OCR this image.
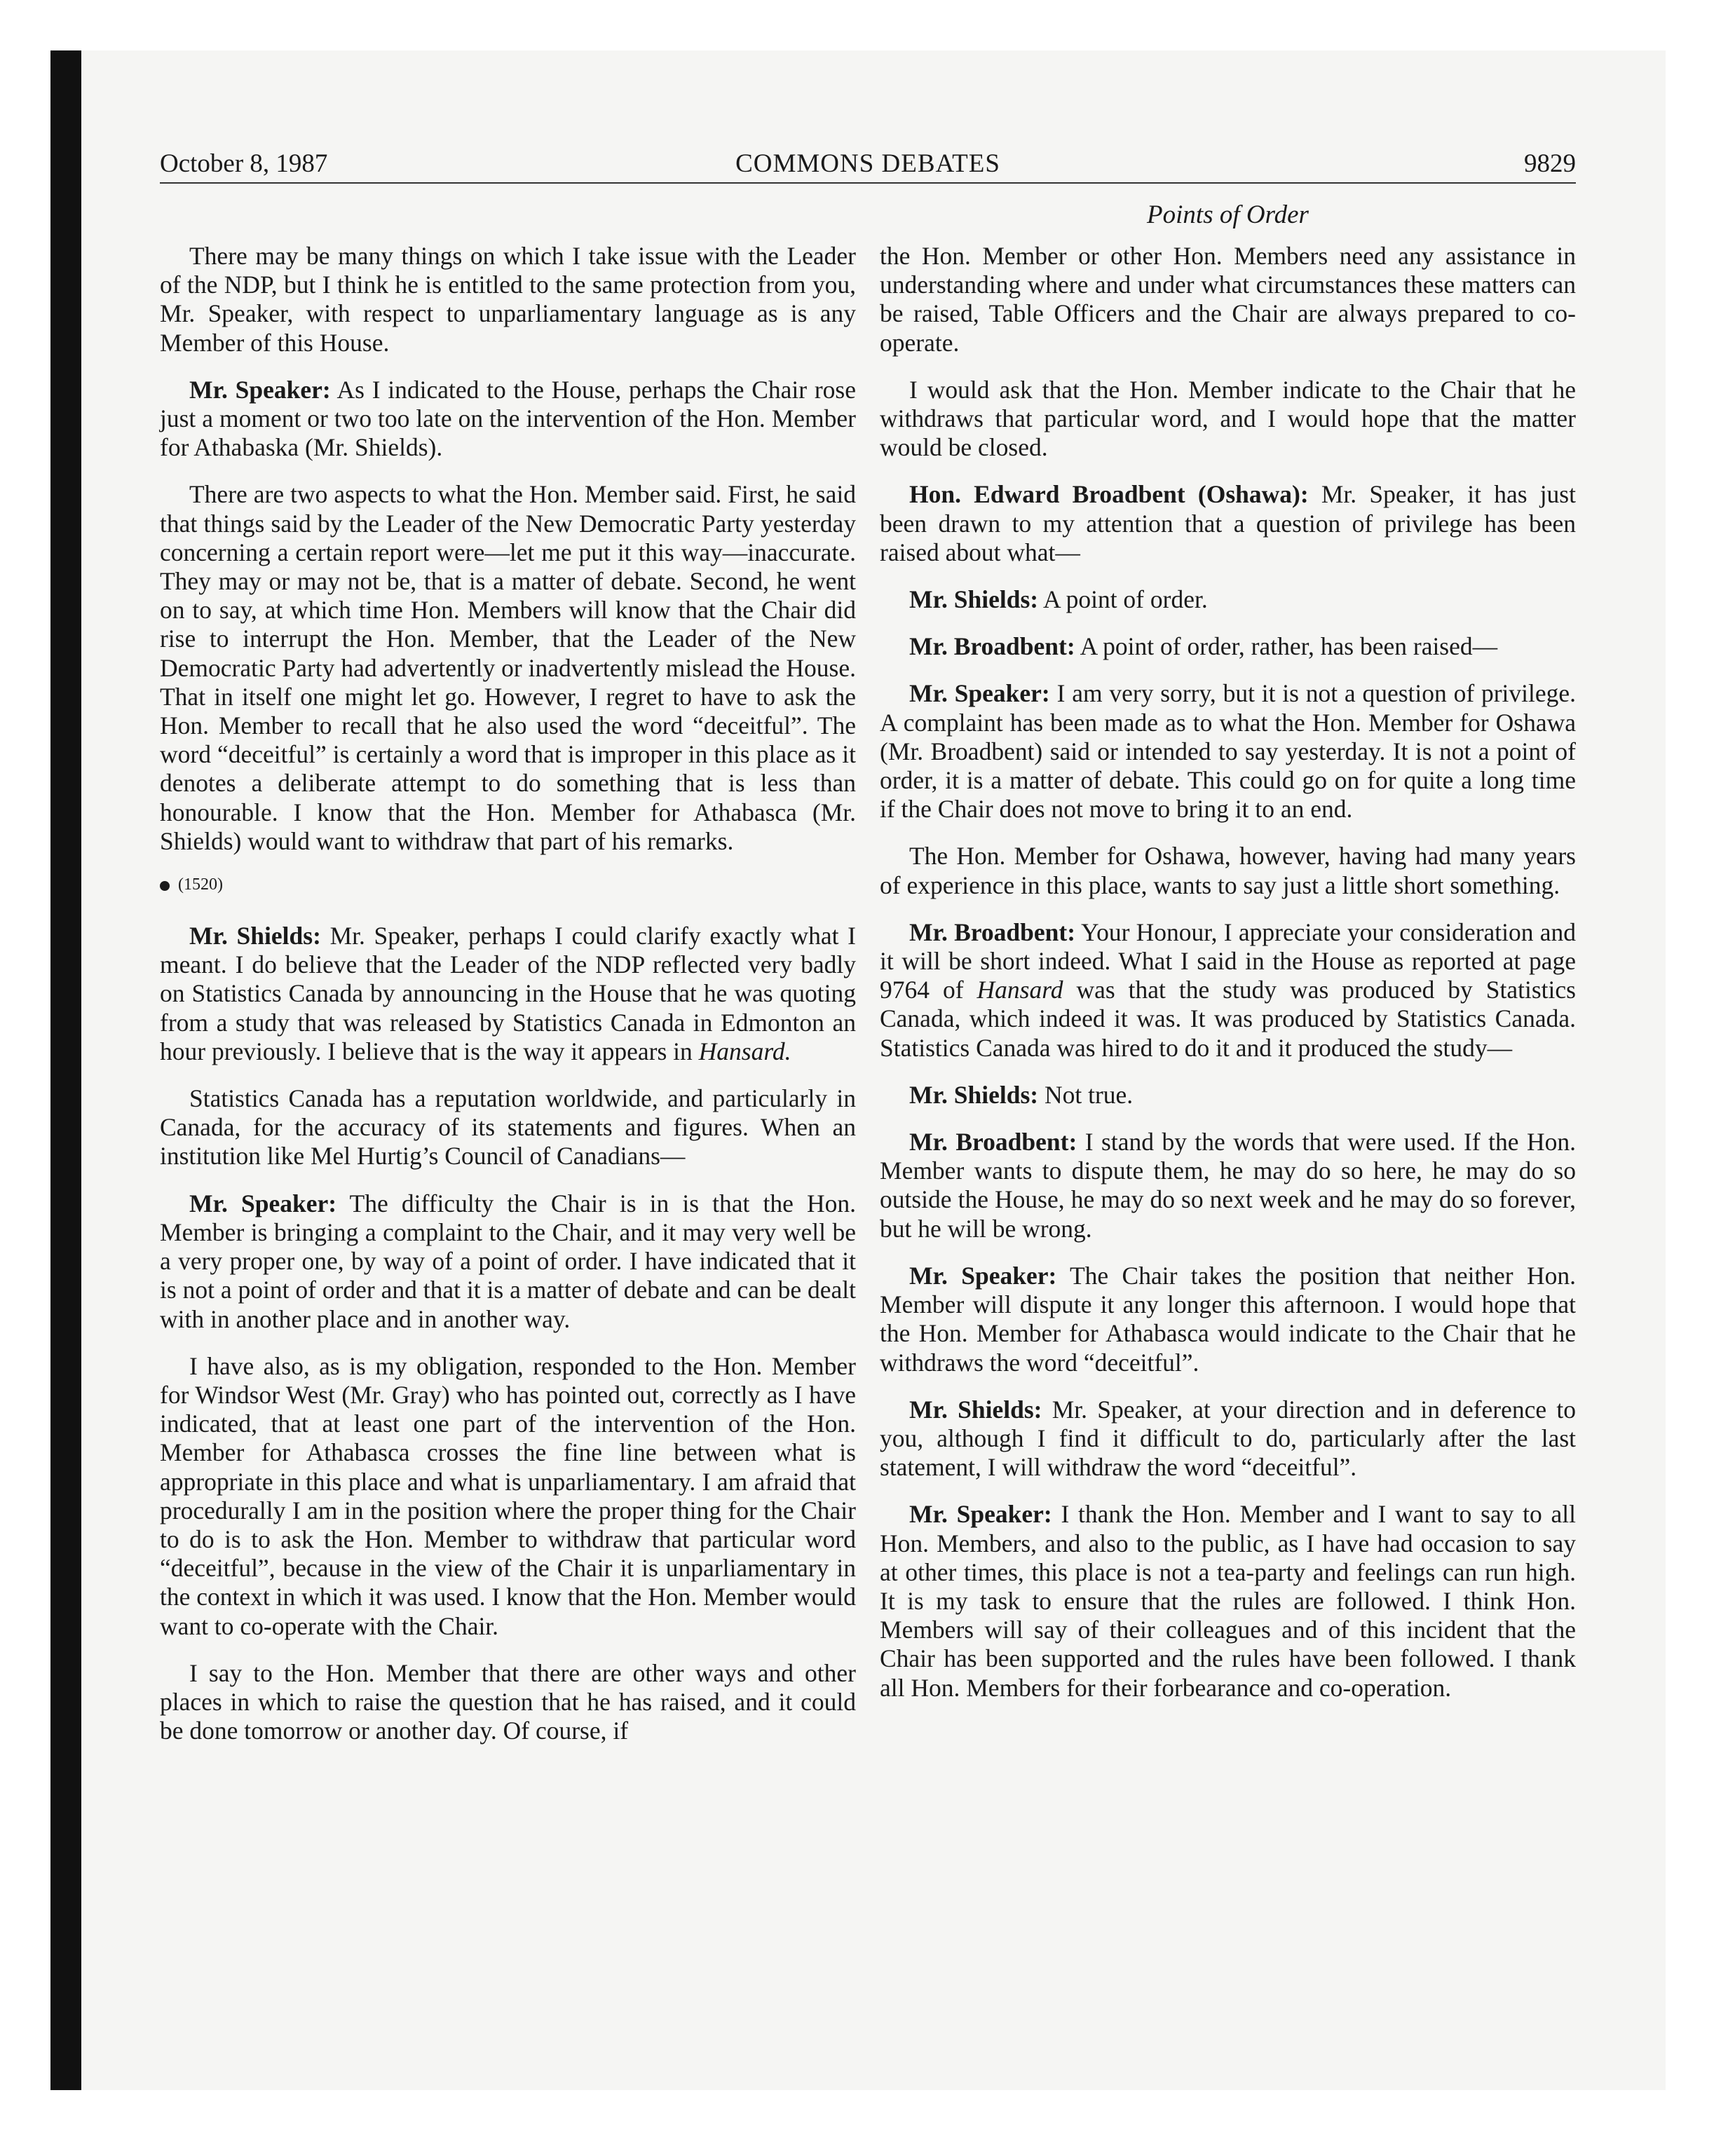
October 8, 1987	COMMONS DEBATES	9829
Points of Order

There may be many things on which I take issue with the Leader of the NDP, but I think he is entitled to the same protection from you, Mr. Speaker, with respect to unparliamentary language as is any Member of this House.

Mr. Speaker: As I indicated to the House, perhaps the Chair rose just a moment or two too late on the intervention of the Hon. Member for Athabaska (Mr. Shields).

There are two aspects to what the Hon. Member said. First, he said that things said by the Leader of the New Democratic Party yesterday concerning a certain report were—let me put it this way—inaccurate. They may or may not be, that is a matter of debate. Second, he went on to say, at which time Hon. Members will know that the Chair did rise to interrupt the Hon. Member, that the Leader of the New Democratic Party had advertently or inadvertently mislead the House. That in itself one might let go. However, I regret to have to ask the Hon. Member to recall that he also used the word “deceitful”. The word “deceitful” is certainly a word that is improper in this place as it denotes a deliberate attempt to do something that is less than honourable. I know that the Hon. Member for Athabasca (Mr. Shields) would want to withdraw that part of his remarks.

(1520)

Mr. Shields: Mr. Speaker, perhaps I could clarify exactly what I meant. I do believe that the Leader of the NDP reflected very badly on Statistics Canada by announcing in the House that he was quoting from a study that was released by Statistics Canada in Edmonton an hour previously. I believe that is the way it appears in Hansard.

Statistics Canada has a reputation worldwide, and particularly in Canada, for the accuracy of its statements and figures. When an institution like Mel Hurtig’s Council of Canadians—

Mr. Speaker: The difficulty the Chair is in is that the Hon. Member is bringing a complaint to the Chair, and it may very well be a very proper one, by way of a point of order. I have indicated that it is not a point of order and that it is a matter of debate and can be dealt with in another place and in another way.

I have also, as is my obligation, responded to the Hon. Member for Windsor West (Mr. Gray) who has pointed out, correctly as I have indicated, that at least one part of the intervention of the Hon. Member for Athabasca crosses the fine line between what is appropriate in this place and what is unparliamentary. I am afraid that procedurally I am in the position where the proper thing for the Chair to do is to ask the Hon. Member to withdraw that particular word “deceitful”, because in the view of the Chair it is unparliamentary in the context in which it was used. I know that the Hon. Member would want to co-operate with the Chair.

I say to the Hon. Member that there are other ways and other places in which to raise the question that he has raised, and it could be done tomorrow or another day. Of course, if

the Hon. Member or other Hon. Members need any assistance in understanding where and under what circumstances these matters can be raised, Table Officers and the Chair are always prepared to co-operate.

I would ask that the Hon. Member indicate to the Chair that he withdraws that particular word, and I would hope that the matter would be closed.

Hon. Edward Broadbent (Oshawa): Mr. Speaker, it has just been drawn to my attention that a question of privilege has been raised about what—

Mr. Shields: A point of order.

Mr. Broadbent: A point of order, rather, has been raised—

Mr. Speaker: I am very sorry, but it is not a question of privilege. A complaint has been made as to what the Hon. Member for Oshawa (Mr. Broadbent) said or intended to say yesterday. It is not a point of order, it is a matter of debate. This could go on for quite a long time if the Chair does not move to bring it to an end.

The Hon. Member for Oshawa, however, having had many years of experience in this place, wants to say just a little short something.

Mr. Broadbent: Your Honour, I appreciate your consideration and it will be short indeed. What I said in the House as reported at page 9764 of Hansard was that the study was produced by Statistics Canada, which indeed it was. It was produced by Statistics Canada. Statistics Canada was hired to do it and it produced the study—

Mr. Shields: Not true.

Mr. Broadbent: I stand by the words that were used. If the Hon. Member wants to dispute them, he may do so here, he may do so outside the House, he may do so next week and he may do so forever, but he will be wrong.

Mr. Speaker: The Chair takes the position that neither Hon. Member will dispute it any longer this afternoon. I would hope that the Hon. Member for Athabasca would indicate to the Chair that he withdraws the word “deceitful”.

Mr. Shields: Mr. Speaker, at your direction and in deference to you, although I find it difficult to do, particularly after the last statement, I will withdraw the word “deceitful”.

Mr. Speaker: I thank the Hon. Member and I want to say to all Hon. Members, and also to the public, as I have had occasion to say at other times, this place is not a tea-party and feelings can run high. It is my task to ensure that the rules are followed. I think Hon. Members will say of their colleagues and of this incident that the Chair has been supported and the rules have been followed. I thank all Hon. Members for their forbearance and co-operation.
